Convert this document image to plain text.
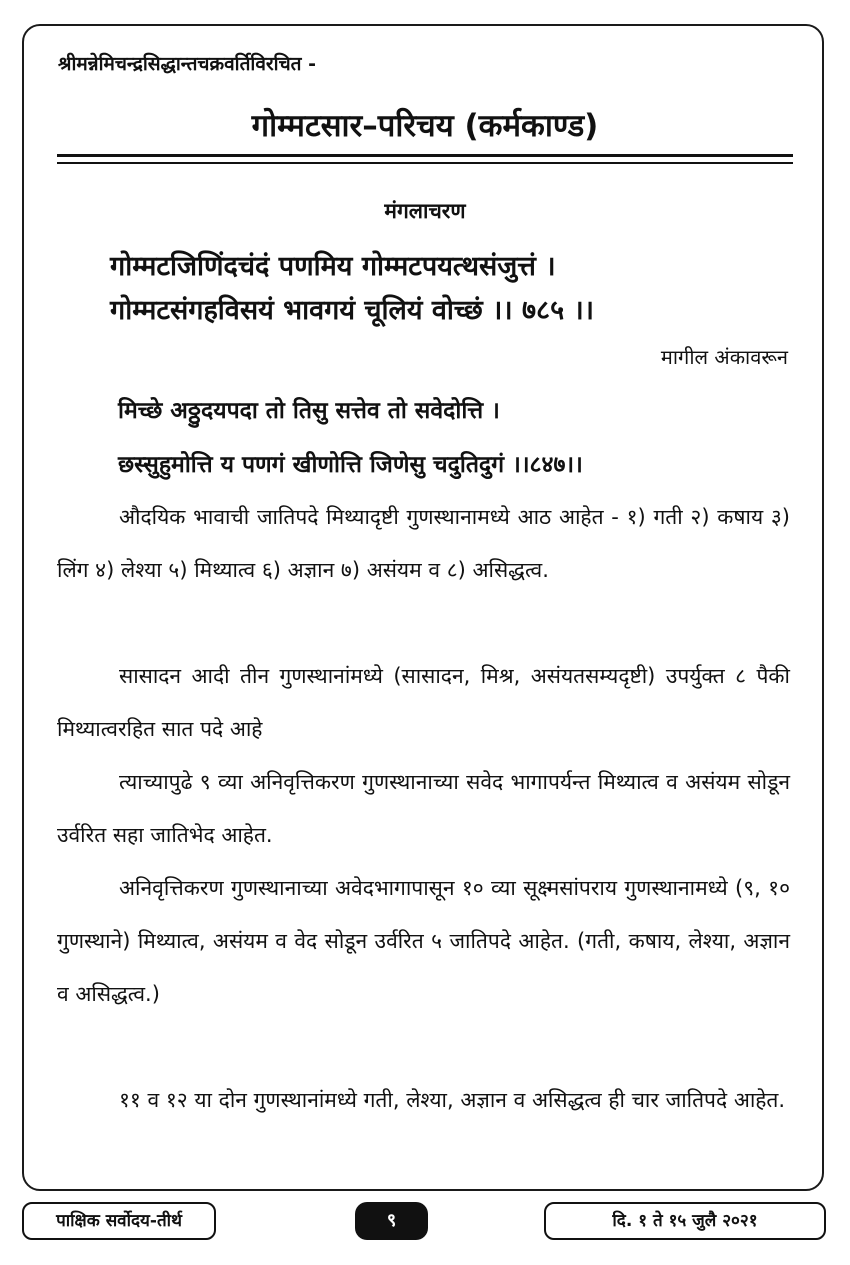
श्रीमन्नेमिचन्द्रसिद्धान्तचक्रवर्तिविरचित -
गोम्मटसार–परिचय (कर्मकाण्ड)
मंगलाचरण
गोम्मटजिणिंदचंदं पणमिय गोम्मटपयत्थसंजुत्तं ।
गोम्मटसंगहविसयं भावगयं चूलियं वोच्छं ।। ७८५ ।।
मागील अंकावरून
मिच्छे अठ्ठुदयपदा तो तिसु सत्तेव तो सवेदोत्ति ।
छस्सुहुमोत्ति य पणगं खीणोत्ति जिणेसु चदुतिदुगं ।।८४७।।

औदयिक भावाची जातिपदे मिथ्यादृष्टी गुणस्थानामध्ये आठ आहेत - १) गती २) कषाय ३) लिंग ४) लेश्या ५) मिथ्यात्व ६) अज्ञान ७) असंयम व ८) असिद्धत्व.

सासादन आदी तीन गुणस्थानांमध्ये (सासादन, मिश्र, असंयतसम्यदृष्टी) उपर्युक्त ८ पैकी मिथ्यात्वरहित सात पदे आहे

त्याच्यापुढे ९ व्या अनिवृत्तिकरण गुणस्थानाच्या सवेद भागापर्यन्त मिथ्यात्व व असंयम सोडून उर्वरित सहा जातिभेद आहेत.

अनिवृत्तिकरण गुणस्थानाच्या अवेदभागापासून १० व्या सूक्ष्मसांपराय गुणस्थानामध्ये (९, १० गुणस्थाने) मिथ्यात्व, असंयम व वेद सोडून उर्वरित ५ जातिपदे आहेत. (गती, कषाय, लेश्या, अज्ञान व असिद्धत्व.)

११ व १२ या दोन गुणस्थानांमध्ये गती, लेश्या, अज्ञान व असिद्धत्व ही चार जातिपदे आहेत.

पाक्षिक सर्वोदय-तीर्थ	९	दि. १ ते १५ जुलै २०२१
